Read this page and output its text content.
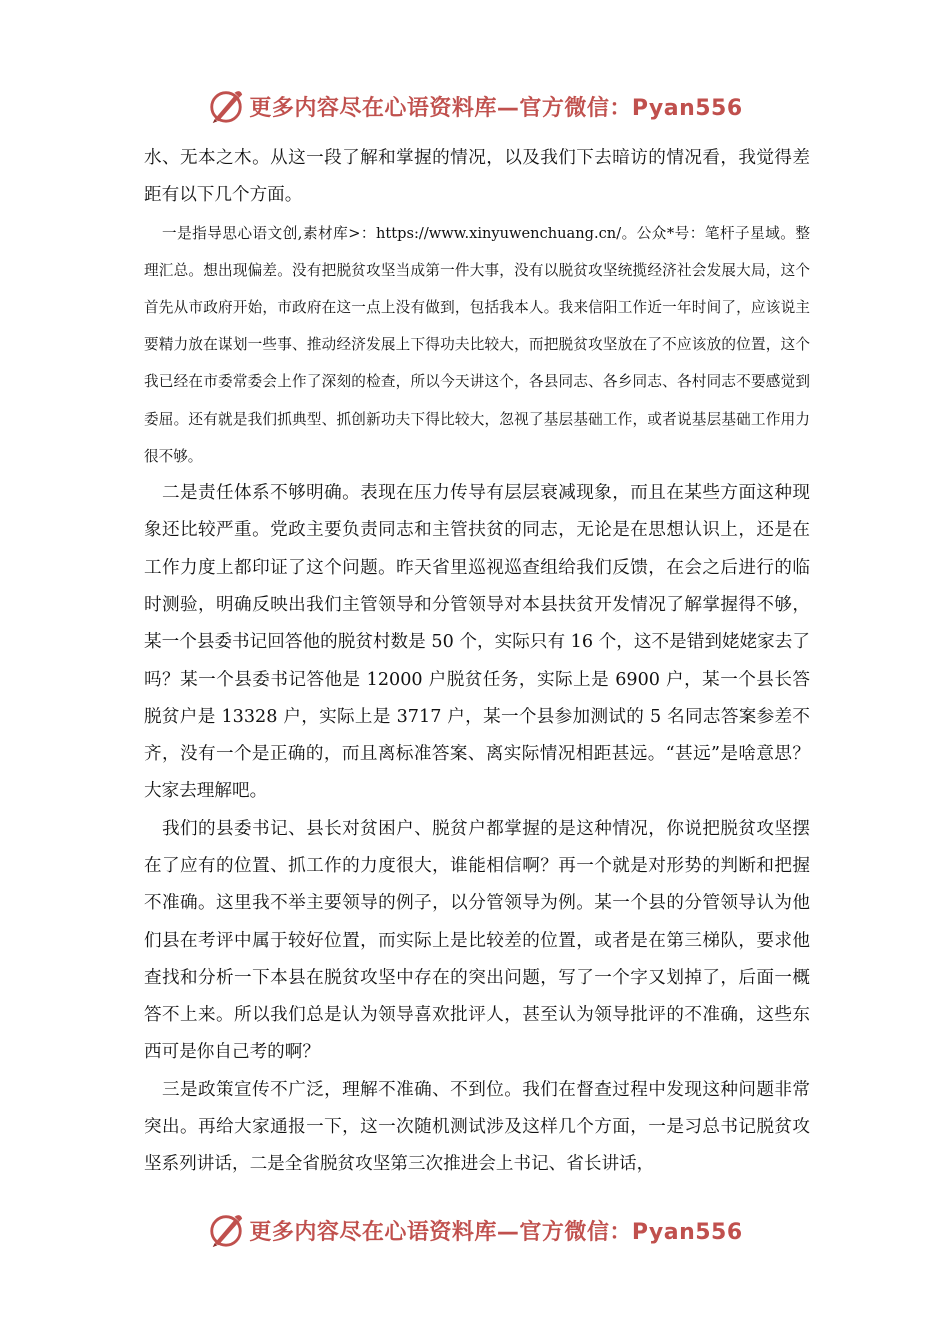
更多内容尽在心语资料库—官方微信：Pyan556

水、无本之木。从这一段了解和掌握的情况，以及我们下去暗访的情况看，我觉得差距有以下几个方面。

一是指导思心语文创,素材库>：https://www.xinyuwenchuang.cn/。公众*号：笔杆子星域。整理汇总。想出现偏差。没有把脱贫攻坚当成第一件大事，没有以脱贫攻坚统揽经济社会发展大局，这个首先从市政府开始，市政府在这一点上没有做到，包括我本人。我来信阳工作近一年时间了，应该说主要精力放在谋划一些事、推动经济发展上下得功夫比较大，而把脱贫攻坚放在了不应该放的位置，这个我已经在市委常委会上作了深刻的检查，所以今天讲这个，各县同志、各乡同志、各村同志不要感觉到委屈。还有就是我们抓典型、抓创新功夫下得比较大，忽视了基层基础工作，或者说基层基础工作用力很不够。

二是责任体系不够明确。表现在压力传导有层层衰减现象，而且在某些方面这种现象还比较严重。党政主要负责同志和主管扶贫的同志，无论是在思想认识上，还是在工作力度上都印证了这个问题。昨天省里巡视巡查组给我们反馈，在会之后进行的临时测验，明确反映出我们主管领导和分管领导对本县扶贫开发情况了解掌握得不够，某一个县委书记回答他的脱贫村数是 50 个，实际只有 16 个，这不是错到姥姥家去了吗？某一个县委书记答他是 12000 户脱贫任务，实际上是 6900 户，某一个县长答脱贫户是 13328 户，实际上是 3717 户，某一个县参加测试的 5 名同志答案参差不齐，没有一个是正确的，而且离标准答案、离实际情况相距甚远。“甚远”是啥意思？大家去理解吧。

我们的县委书记、县长对贫困户、脱贫户都掌握的是这种情况，你说把脱贫攻坚摆在了应有的位置、抓工作的力度很大，谁能相信啊？再一个就是对形势的判断和把握不准确。这里我不举主要领导的例子，以分管领导为例。某一个县的分管领导认为他们县在考评中属于较好位置，而实际上是比较差的位置，或者是在第三梯队，要求他查找和分析一下本县在脱贫攻坚中存在的突出问题，写了一个字又划掉了，后面一概答不上来。所以我们总是认为领导喜欢批评人，甚至认为领导批评的不准确，这些东西可是你自己考的啊？

三是政策宣传不广泛，理解不准确、不到位。我们在督查过程中发现这种问题非常突出。再给大家通报一下，这一次随机测试涉及这样几个方面，一是习总书记脱贫攻坚系列讲话，二是全省脱贫攻坚第三次推进会上书记、省长讲话，

更多内容尽在心语资料库—官方微信：Pyan556
